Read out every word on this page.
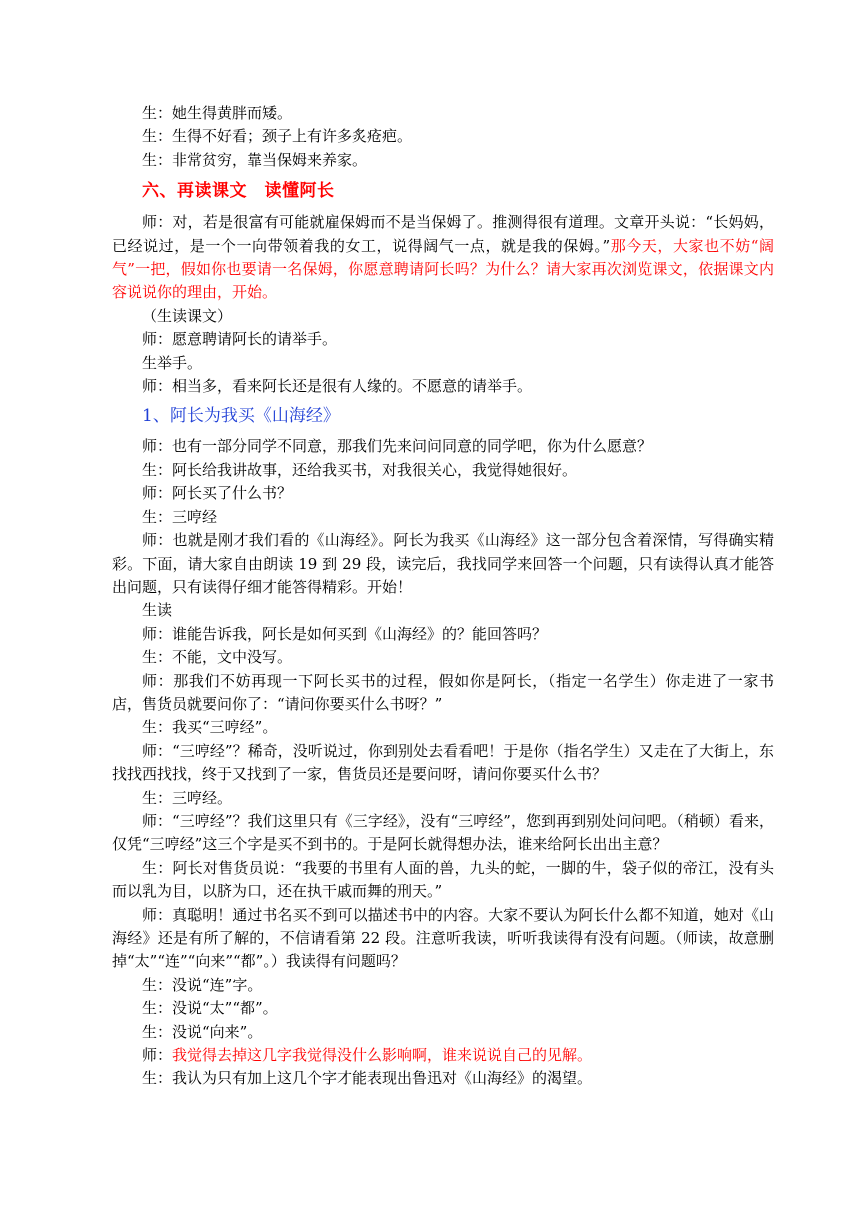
生：她生得黄胖而矮。

生：生得不好看；颈子上有许多炙疮疤。

生：非常贫穷，靠当保姆来养家。

六、再读课文　读懂阿长

师：对，若是很富有可能就雇保姆而不是当保姆了。推测得很有道理。文章开头说：“长妈妈，已经说过，是一个一向带领着我的女工，说得阔气一点，就是我的保姆。”那今天，大家也不妨“阔气”一把，假如你也要请一名保姆，你愿意聘请阿长吗？为什么？请大家再次浏览课文，依据课文内容说说你的理由，开始。

（生读课文）

师：愿意聘请阿长的请举手。

生举手。

师：相当多，看来阿长还是很有人缘的。不愿意的请举手。

1、阿长为我买《山海经》

师：也有一部分同学不同意，那我们先来问问同意的同学吧，你为什么愿意？

生：阿长给我讲故事，还给我买书，对我很关心，我觉得她很好。

师：阿长买了什么书？

生：三哼经

师：也就是刚才我们看的《山海经》。阿长为我买《山海经》这一部分包含着深情，写得确实精彩。下面，请大家自由朗读 19 到 29 段，读完后，我找同学来回答一个问题，只有读得认真才能答出问题，只有读得仔细才能答得精彩。开始！

生读

师：谁能告诉我，阿长是如何买到《山海经》的？能回答吗？

生：不能，文中没写。

师：那我们不妨再现一下阿长买书的过程，假如你是阿长，（指定一名学生）你走进了一家书店，售货员就要问你了：“请问你要买什么书呀？”

生：我买“三哼经”。

师：“三哼经”？稀奇，没听说过，你到别处去看看吧！于是你（指名学生）又走在了大街上，东找找西找找，终于又找到了一家，售货员还是要问呀，请问你要买什么书？

生：三哼经。

师：“三哼经”？我们这里只有《三字经》，没有“三哼经”，您到再到别处问问吧。（稍顿）看来，仅凭“三哼经”这三个字是买不到书的。于是阿长就得想办法，谁来给阿长出出主意？

生：阿长对售货员说：“我要的书里有人面的兽，九头的蛇，一脚的牛，袋子似的帝江，没有头而以乳为目，以脐为口，还在执干戚而舞的刑天。”

师：真聪明！通过书名买不到可以描述书中的内容。大家不要认为阿长什么都不知道，她对《山海经》还是有所了解的，不信请看第 22 段。注意听我读，听听我读得有没有问题。（师读，故意删掉“太”“连”“向来”“都”。）我读得有问题吗？

生：没说“连”字。

生：没说“太”“都”。

生：没说“向来”。

师：我觉得去掉这几字我觉得没什么影响啊，谁来说说自己的见解。

生：我认为只有加上这几个字才能表现出鲁迅对《山海经》的渴望。
